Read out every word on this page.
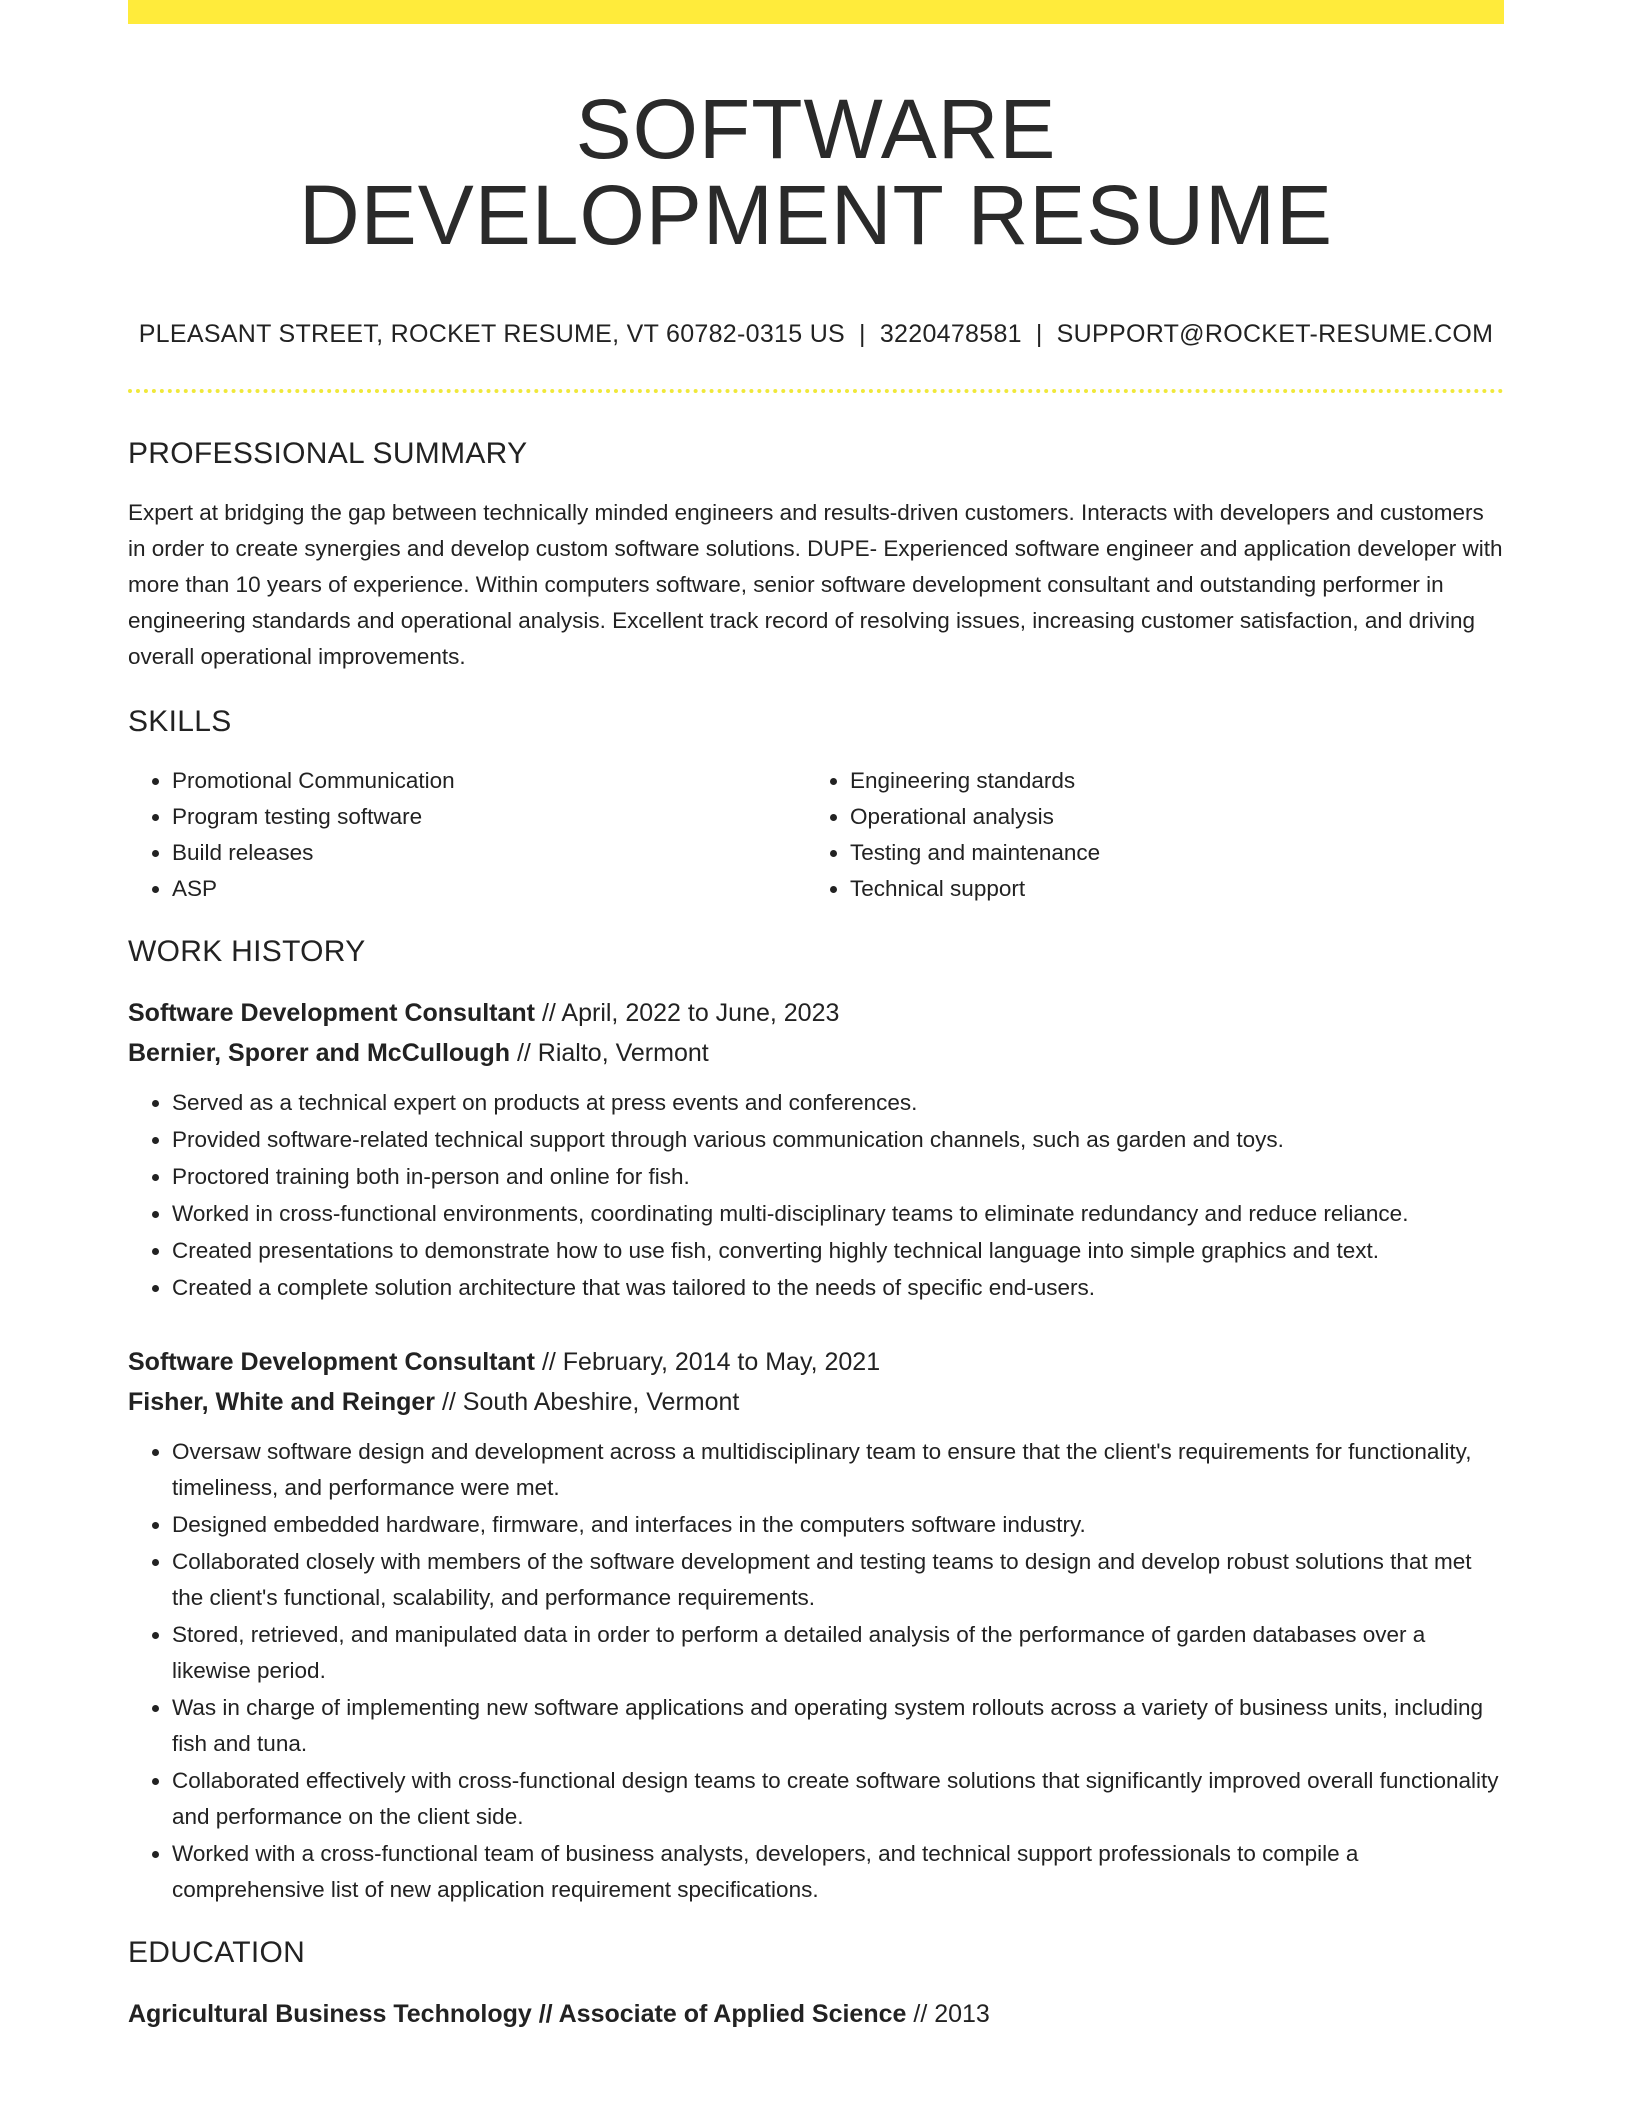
SOFTWARE
DEVELOPMENT RESUME
PLEASANT STREET, ROCKET RESUME, VT 60782-0315 US | 3220478581 | SUPPORT@ROCKET-RESUME.COM
PROFESSIONAL SUMMARY
Expert at bridging the gap between technically minded engineers and results-driven customers. Interacts with developers and customers in order to create synergies and develop custom software solutions. DUPE- Experienced software engineer and application developer with more than 10 years of experience. Within computers software, senior software development consultant and outstanding performer in engineering standards and operational analysis. Excellent track record of resolving issues, increasing customer satisfaction, and driving overall operational improvements.
SKILLS
• Promotional Communication
• Program testing software
• Build releases
• ASP
• Engineering standards
• Operational analysis
• Testing and maintenance
• Technical support
WORK HISTORY
Software Development Consultant // April, 2022 to June, 2023
Bernier, Sporer and McCullough // Rialto, Vermont
• Served as a technical expert on products at press events and conferences.
• Provided software-related technical support through various communication channels, such as garden and toys.
• Proctored training both in-person and online for fish.
• Worked in cross-functional environments, coordinating multi-disciplinary teams to eliminate redundancy and reduce reliance.
• Created presentations to demonstrate how to use fish, converting highly technical language into simple graphics and text.
• Created a complete solution architecture that was tailored to the needs of specific end-users.
Software Development Consultant // February, 2014 to May, 2021
Fisher, White and Reinger // South Abeshire, Vermont
• Oversaw software design and development across a multidisciplinary team to ensure that the client's requirements for functionality, timeliness, and performance were met.
• Designed embedded hardware, firmware, and interfaces in the computers software industry.
• Collaborated closely with members of the software development and testing teams to design and develop robust solutions that met the client's functional, scalability, and performance requirements.
• Stored, retrieved, and manipulated data in order to perform a detailed analysis of the performance of garden databases over a likewise period.
• Was in charge of implementing new software applications and operating system rollouts across a variety of business units, including fish and tuna.
• Collaborated effectively with cross-functional design teams to create software solutions that significantly improved overall functionality and performance on the client side.
• Worked with a cross-functional team of business analysts, developers, and technical support professionals to compile a comprehensive list of new application requirement specifications.
EDUCATION
Agricultural Business Technology // Associate of Applied Science // 2013
